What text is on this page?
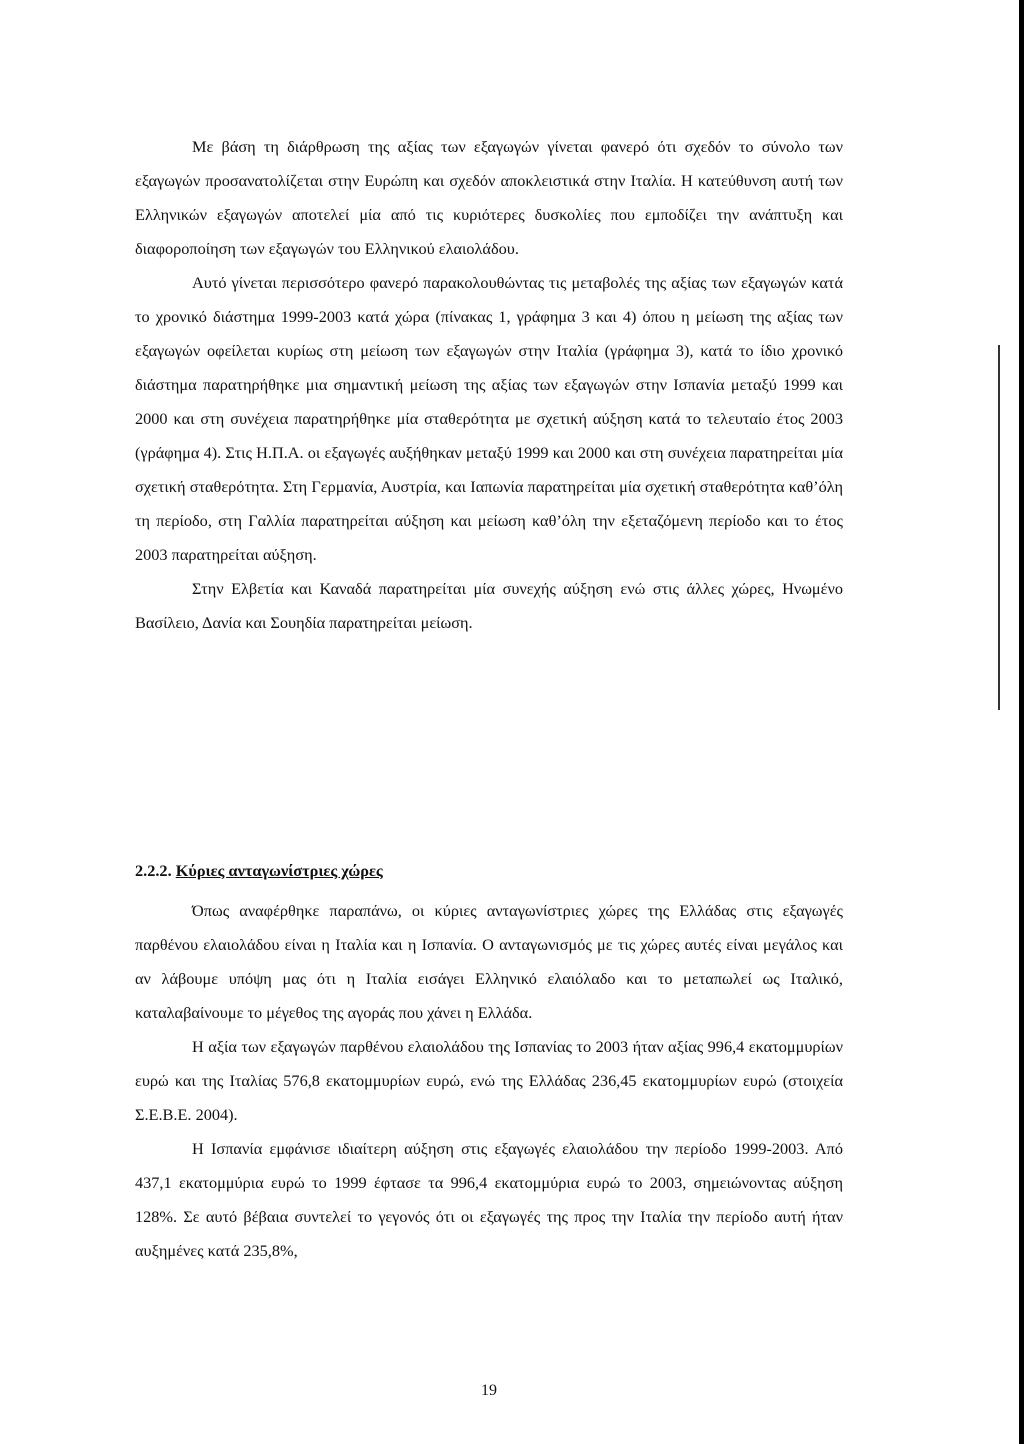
Με βάση τη διάρθρωση της αξίας των εξαγωγών γίνεται φανερό ότι σχεδόν το σύνολο των εξαγωγών προσανατολίζεται στην Ευρώπη και σχεδόν αποκλειστικά στην Ιταλία. Η κατεύθυνση αυτή των Ελληνικών εξαγωγών αποτελεί μία από τις κυριότερες δυσκολίες που εμποδίζει την ανάπτυξη και διαφοροποίηση των εξαγωγών του Ελληνικού ελαιολάδου.

Αυτό γίνεται περισσότερο φανερό παρακολουθώντας τις μεταβολές της αξίας των εξαγωγών κατά το χρονικό διάστημα 1999-2003 κατά χώρα (πίνακας 1, γράφημα 3 και 4) όπου η μείωση της αξίας των εξαγωγών οφείλεται κυρίως στη μείωση των εξαγωγών στην Ιταλία (γράφημα 3), κατά το ίδιο χρονικό διάστημα παρατηρήθηκε μια σημαντική μείωση της αξίας των εξαγωγών στην Ισπανία μεταξύ 1999 και 2000 και στη συνέχεια παρατηρήθηκε μία σταθερότητα με σχετική αύξηση κατά το τελευταίο έτος 2003 (γράφημα 4). Στις Η.Π.Α. οι εξαγωγές αυξήθηκαν μεταξύ 1999 και 2000 και στη συνέχεια παρατηρείται μία σχετική σταθερότητα. Στη Γερμανία, Αυστρία, και Ιαπωνία παρατηρείται μία σχετική σταθερότητα καθ’όλη τη περίοδο, στη Γαλλία παρατηρείται αύξηση και μείωση καθ’όλη την εξεταζόμενη περίοδο και το έτος 2003 παρατηρείται αύξηση.

Στην Ελβετία και Καναδά παρατηρείται μία συνεχής αύξηση ενώ στις άλλες χώρες, Ηνωμένο Βασίλειο, Δανία και Σουηδία παρατηρείται μείωση.

2.2.2. Κύριες ανταγωνίστριες χώρες

Όπως αναφέρθηκε παραπάνω, οι κύριες ανταγωνίστριες χώρες της Ελλάδας στις εξαγωγές παρθένου ελαιολάδου είναι η Ιταλία και η Ισπανία. Ο ανταγωνισμός με τις χώρες αυτές είναι μεγάλος και αν λάβουμε υπόψη μας ότι η Ιταλία εισάγει Ελληνικό ελαιόλαδο και το μεταπωλεί ως Ιταλικό, καταλαβαίνουμε το μέγεθος της αγοράς που χάνει η Ελλάδα.

Η αξία των εξαγωγών παρθένου ελαιολάδου της Ισπανίας το 2003 ήταν αξίας 996,4 εκατομμυρίων ευρώ και της Ιταλίας 576,8 εκατομμυρίων ευρώ, ενώ της Ελλάδας 236,45 εκατομμυρίων ευρώ (στοιχεία Σ.Ε.Β.Ε. 2004).

Η Ισπανία εμφάνισε ιδιαίτερη αύξηση στις εξαγωγές ελαιολάδου την περίοδο 1999-2003. Από 437,1 εκατομμύρια ευρώ το 1999 έφτασε τα 996,4 εκατομμύρια ευρώ το 2003, σημειώνοντας αύξηση 128%. Σε αυτό βέβαια συντελεί το γεγονός ότι οι εξαγωγές της προς την Ιταλία την περίοδο αυτή ήταν αυξημένες κατά 235,8%,

19
